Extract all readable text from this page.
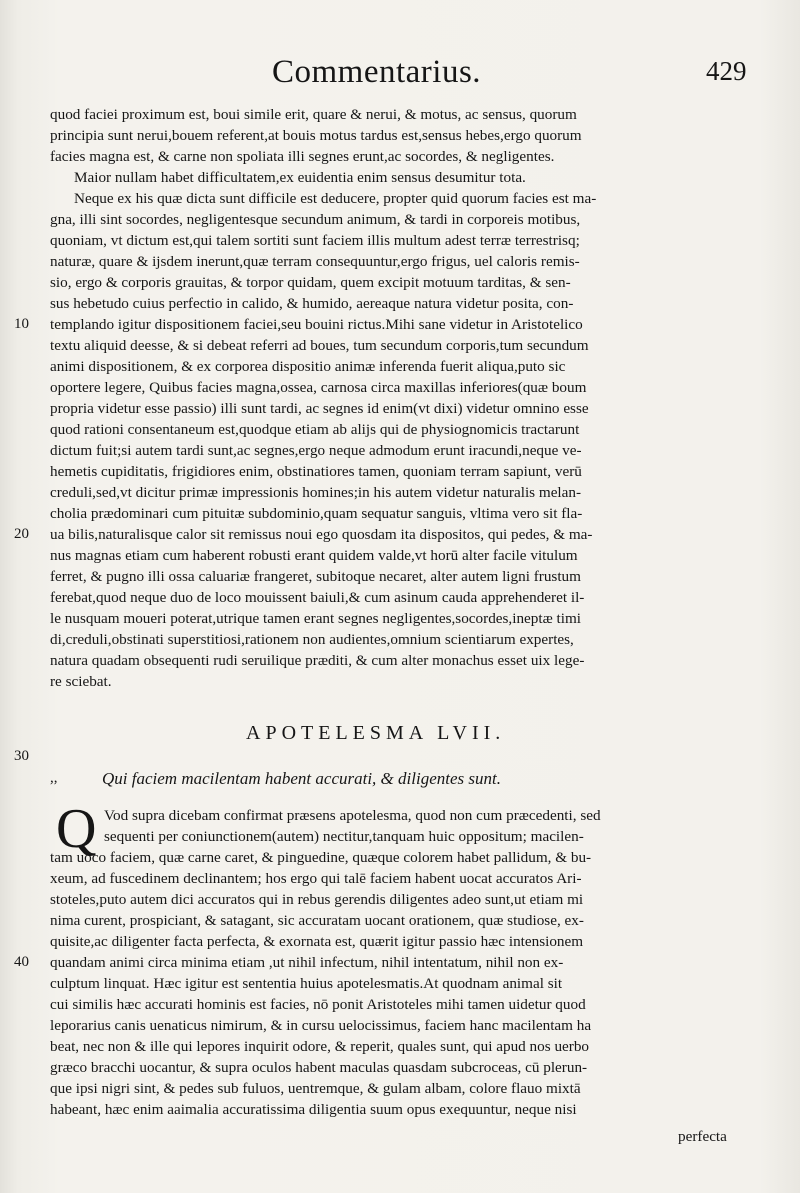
Commentarius.	429
quod faciei proximum est, boui simile erit, quare & nerui, & motus, ac sensus, quorum
principia sunt nerui,bouem referent,at bouis motus tardus est,sensus hebes,ergo quorum
facies magna est, & carne non spoliata illi segnes erunt,ac socordes, & negligentes.
Maior nullam habet difficultatem,ex euidentia enim sensus desumitur tota.
Neque ex his quæ dicta sunt difficile est deducere, propter quid quorum facies est ma-
gna, illi sint socordes, negligentesque secundum animum, & tardi in corporeis motibus,
quoniam, vt dictum est,qui talem sortiti sunt faciem illis multum adest terræ terrestrisq;
naturæ, quare & ijsdem inerunt,quæ terram consequuntur,ergo frigus, uel caloris remis-
sio, ergo & corporis grauitas, & torpor quidam, quem excipit motuum tarditas, & sen-
sus hebetudo cuius perfectio in calido, & humido, aereaque natura videtur posita, con-
templando igitur dispositionem faciei,seu bouini rictus.Mihi sane videtur in Aristotelico
textu aliquid deesse, & si debeat referri ad boues, tum secundum corporis,tum secundum
animi dispositionem, & ex corporea dispositio animæ inferenda fuerit aliqua,puto sic
oportere legere, Quibus facies magna,ossea, carnosa circa maxillas inferiores(quæ boum
propria videtur esse passio) illi sunt tardi, ac segnes id enim(vt dixi) videtur omnino esse
quod rationi consentaneum est,quodque etiam ab alijs qui de physiognomicis tractarunt
dictum fuit;si autem tardi sunt,ac segnes,ergo neque admodum erunt iracundi,neque ve-
hemetis cupiditatis, frigidiores enim, obstinatiores tamen, quoniam terram sapiunt, verū
creduli,sed,vt dicitur primæ impressionis homines;in his autem videtur naturalis melan-
cholia prædominari cum pituitæ subdominio,quam sequatur sanguis, vltima vero sit fla-
ua bilis,naturalisque calor sit remissus noui ego quosdam ita dispositos, qui pedes, & ma-
nus magnas etiam cum haberent robusti erant quidem valde,vt horū alter facile vitulum
ferret, & pugno illi ossa caluariæ frangeret, subitoque necaret, alter autem ligni frustum
ferebat,quod neque duo de loco mouissent baiuli,& cum asinum cauda apprehenderet il-
le nusquam moueri poterat,utrique tamen erant segnes negligentes,socordes,ineptæ timi
di,creduli,obstinati superstitiosi,rationem non audientes,omnium scientiarum expertes,
natura quadam obsequenti rudi seruilique præditi, & cum alter monachus esset uix lege-
re sciebat.
10
20
30
40
APOTELESMA LVII.
,,	Qui faciem macilentam habent accurati, & diligentes sunt.
Q Vod supra dicebam confirmat præsens apotelesma, quod non cum præcedenti, sed
sequenti per coniunctionem(autem) nectitur,tanquam huic oppositum; macilen-
tam uoco faciem, quæ carne caret, & pinguedine, quæque colorem habet pallidum, & bu-
xeum, ad fuscedinem declinantem; hos ergo qui talē faciem habent uocat accuratos Ari-
stoteles,puto autem dici accuratos qui in rebus gerendis diligentes adeo sunt,ut etiam mi
nima curent, prospiciant, & satagant, sic accuratam uocant orationem, quæ studiose, ex-
quisite,ac diligenter facta perfecta, & exornata est, quærit igitur passio hæc intensionem
quandam animi circa minima etiam ,ut nihil infectum, nihil intentatum, nihil non ex-
culptum linquat. Hæc igitur est sententia huius apotelesmatis.At quodnam animal sit
cui similis hæc accurati hominis est facies, nō ponit Aristoteles mihi tamen uidetur quod
leporarius canis uenaticus nimirum, & in cursu uelocissimus, faciem hanc macilentam ha
beat, nec non & ille qui lepores inquirit odore, & reperit, quales sunt, qui apud nos uerbo
græco bracchi uocantur, & supra oculos habent maculas quasdam subcroceas, cū plerun-
que ipsi nigri sint, & pedes sub fuluos, uentremque, & gulam albam, colore flauo mixtā
habeant, hæc enim aaimalia accuratissima diligentia suum opus exequuntur, neque nisi
perfecta
